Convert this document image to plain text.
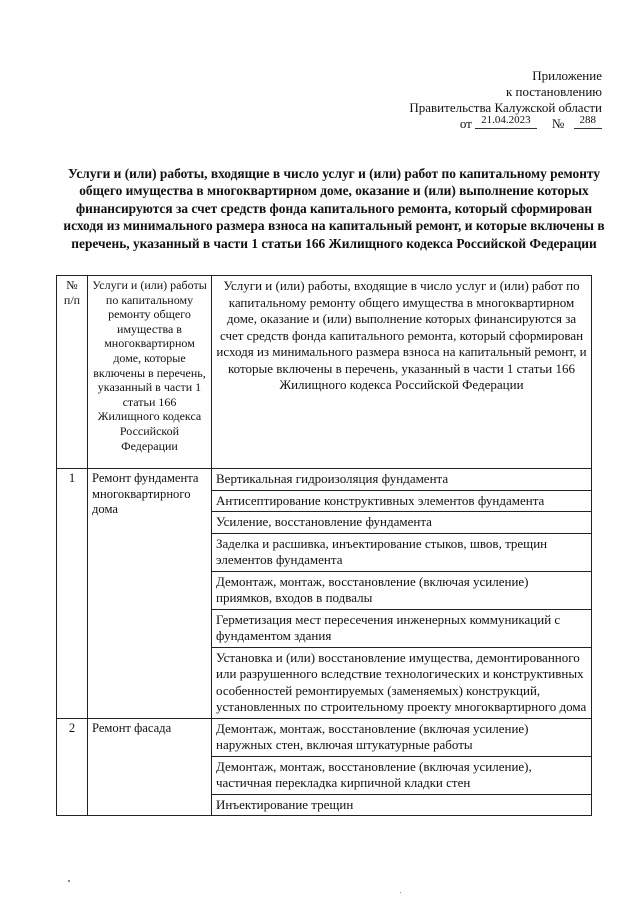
Приложение
к постановлению
Правительства Калужской области
от 21.04.2023 № 288
Услуги и (или) работы, входящие в число услуг и (или) работ по капитальному ремонту общего имущества в многоквартирном доме, оказание и (или) выполнение которых финансируются за счет средств фонда капитального ремонта, который сформирован исходя из минимального размера взноса на капитальный ремонт, и которые включены в перечень, указанный в части 1 статьи 166 Жилищного кодекса Российской Федерации
№ п/п	Услуги и (или) работы по капитальному ремонту общего имущества в многоквартирном доме, которые включены в перечень, указанный в части 1 статьи 166 Жилищного кодекса Российской Федерации	Услуги и (или) работы, входящие в число услуг и (или) работ по капитальному ремонту общего имущества в многоквартирном доме, оказание и (или) выполнение которых финансируются за счет средств фонда капитального ремонта, который сформирован исходя из минимального размера взноса на капитальный ремонт, и которые включены в перечень, указанный в части 1 статьи 166 Жилищного кодекса Российской Федерации
1	Ремонт фундамента многоквартирного дома	Вертикальная гидроизоляция фундамента
		Антисептирование конструктивных элементов фундамента
		Усиление, восстановление фундамента
		Заделка и расшивка, инъектирование стыков, швов, трещин элементов фундамента
		Демонтаж, монтаж, восстановление (включая усиление) приямков, входов в подвалы
		Герметизация мест пересечения инженерных коммуникаций с фундаментом здания
		Установка и (или) восстановление имущества, демонтированного или разрушенного вследствие технологических и конструктивных особенностей ремонтируемых (заменяемых) конструкций, установленных по строительному проекту многоквартирного дома
2	Ремонт фасада	Демонтаж, монтаж, восстановление (включая усиление) наружных стен, включая штукатурные работы
		Демонтаж, монтаж, восстановление (включая усиление), частичная перекладка кирпичной кладки стен
		Инъектирование трещин
